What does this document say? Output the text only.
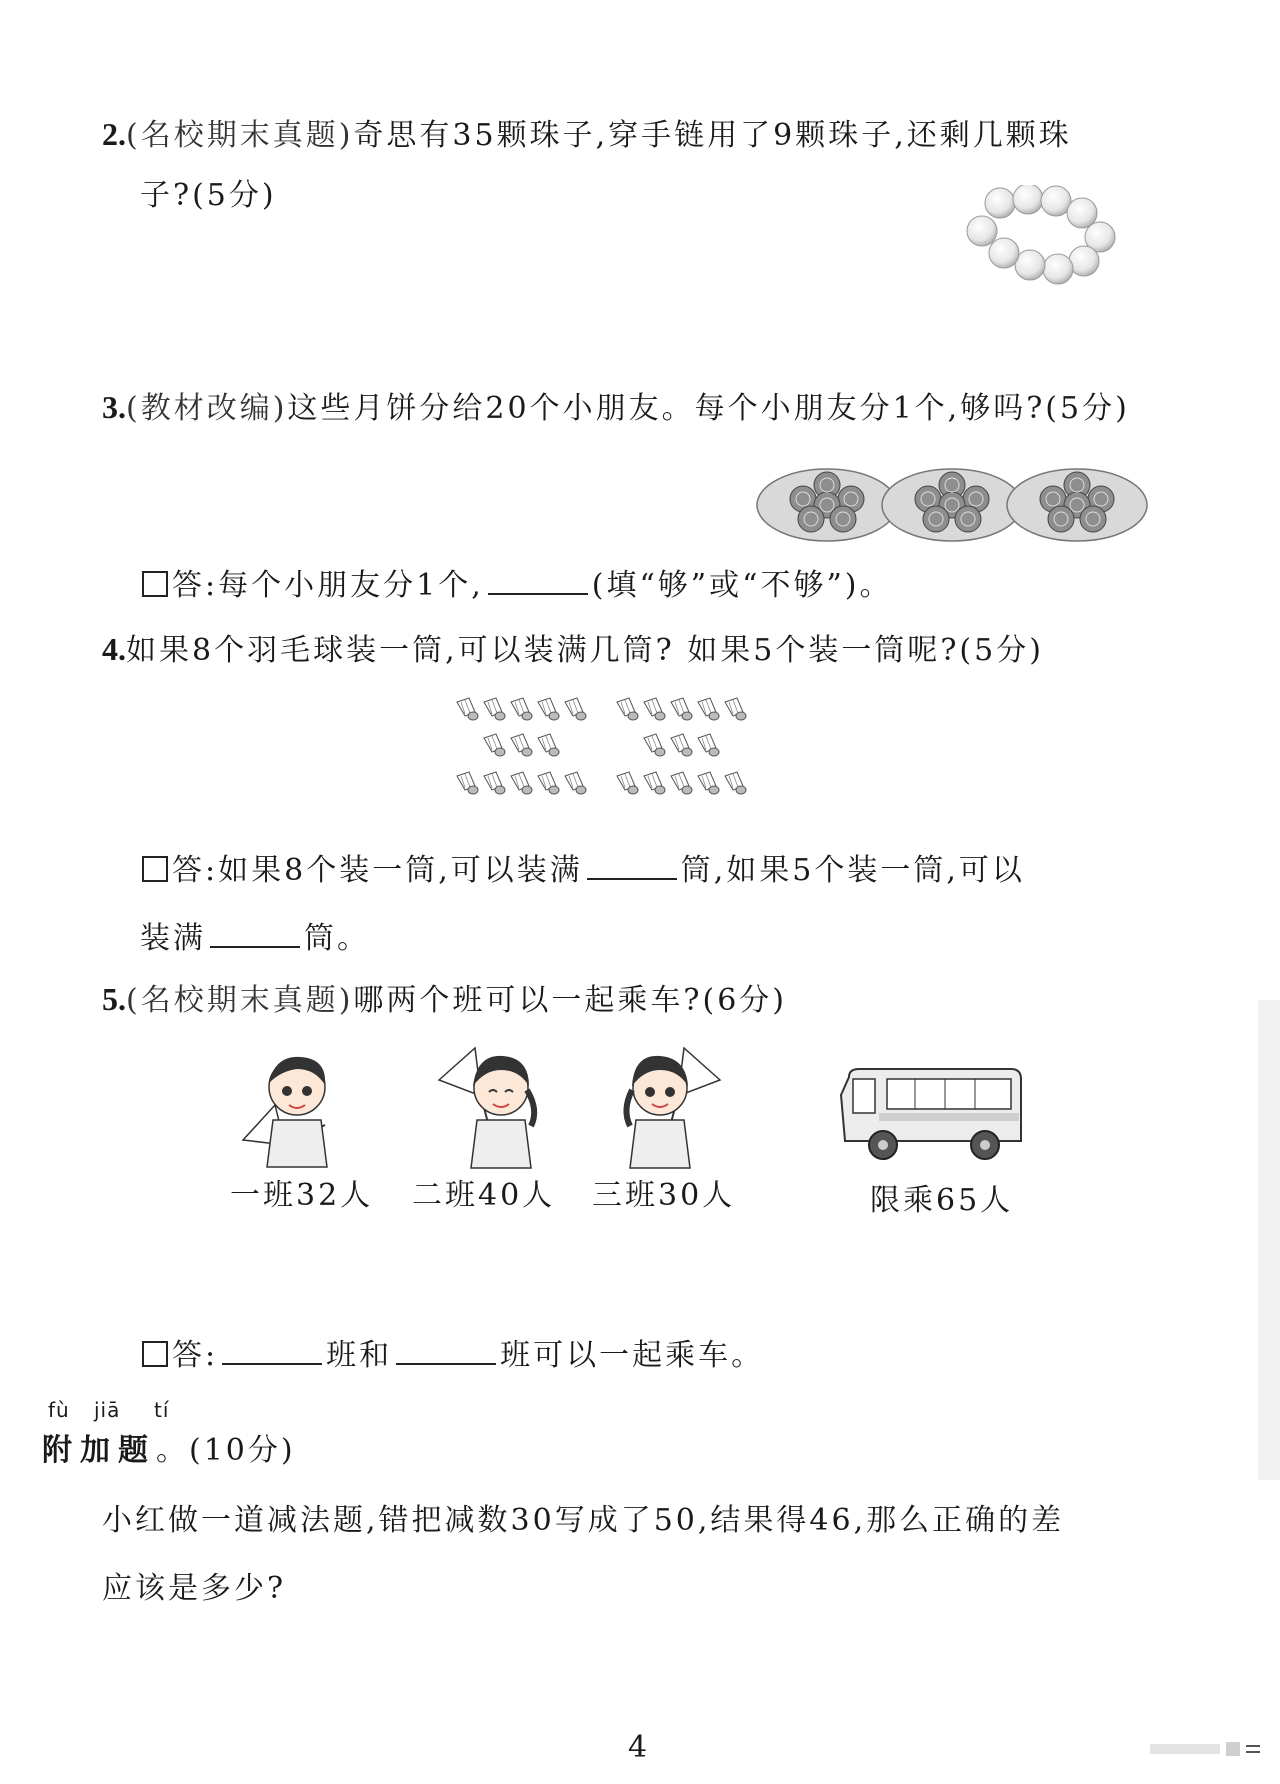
2.(名校期末真题)奇思有35颗珠子,穿手链用了9颗珠子,还剩几颗珠
子?(5分)
3.(教材改编)这些月饼分给20个小朋友。每个小朋友分1个,够吗?(5分)
答:每个小朋友分1个,	(填“够”或“不够”)。
4.如果8个羽毛球装一筒,可以装满几筒? 如果5个装一筒呢?(5分)
答:如果8个装一筒,可以装满	筒,如果5个装一筒,可以
装满	筒。
5.(名校期末真题)哪两个班可以一起乘车?(6分)
一班32人 二班40人 三班30人	限乘65人
答:	班和	班可以一起乘车。
fù jiā tí
附加题。(10分)
小红做一道减法题,错把减数30写成了50,结果得46,那么正确的差
应该是多少?
4
